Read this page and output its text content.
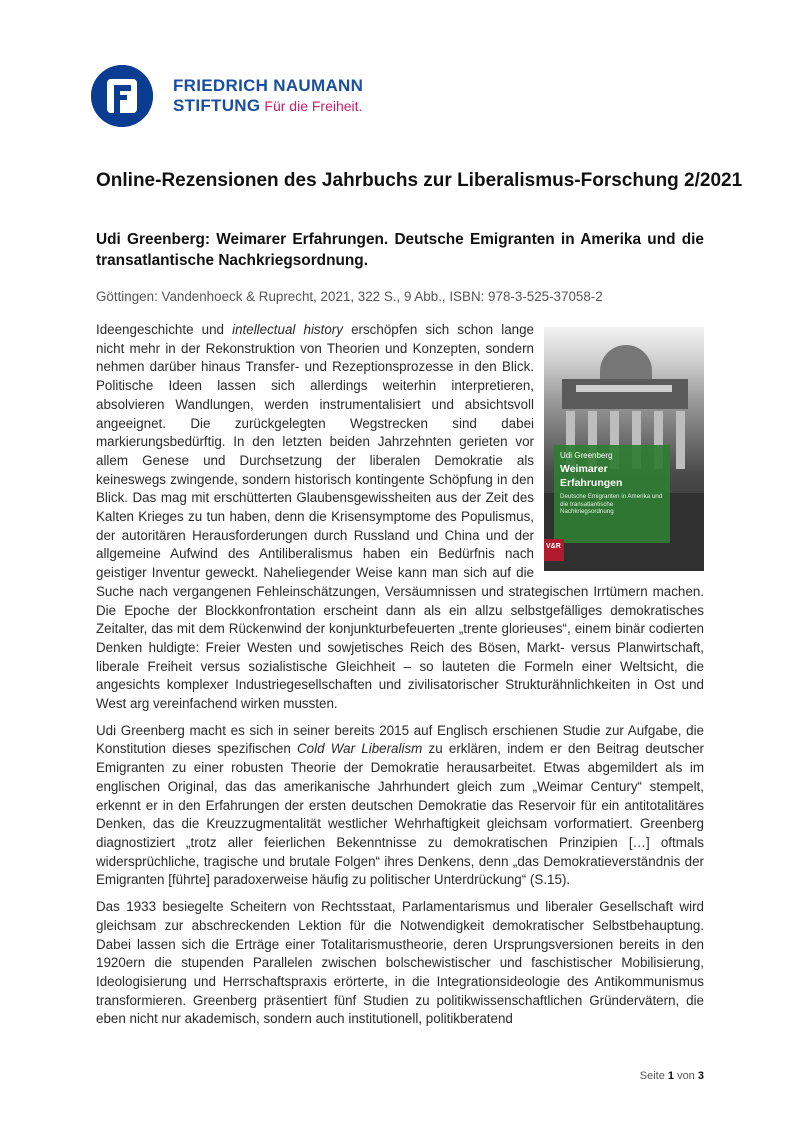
FRIEDRICH NAUMANN
STIFTUNG Für die Freiheit.
Online-Rezensionen des Jahrbuchs zur Liberalismus-Forschung 2/2021
Udi Greenberg: Weimarer Erfahrungen. Deutsche Emigranten in Amerika und die transatlantische Nachkriegsordnung.

Göttingen: Vandenhoeck & Ruprecht, 2021, 322 S., 9 Abb., ISBN: 978-3-525-37058-2

Udi Greenberg
Weimarer
Erfahrungen
Deutsche Emigranten in Amerika und die transatlantische Nachkriegsordnung
V&R

Ideengeschichte und intellectual history erschöpfen sich schon lange nicht mehr in der Rekonstruktion von Theorien und Konzepten, sondern nehmen darüber hinaus Transfer- und Rezeptionsprozesse in den Blick. Politische Ideen lassen sich allerdings weiterhin interpretieren, absolvieren Wandlungen, werden instrumentalisiert und absichtsvoll angeeignet. Die zurückgelegten Wegstrecken sind dabei markierungsbedürftig. In den letzten beiden Jahrzehnten gerieten vor allem Genese und Durchsetzung der liberalen Demokratie als keineswegs zwingende, sondern historisch kontingente Schöpfung in den Blick. Das mag mit erschütterten Glaubensgewissheiten aus der Zeit des Kalten Krieges zu tun haben, denn die Krisensymptome des Populismus, der autoritären Herausforderungen durch Russland und China und der allgemeine Aufwind des Antiliberalismus haben ein Bedürfnis nach geistiger Inventur geweckt. Naheliegender Weise kann man sich auf die Suche nach vergangenen Fehleinschätzungen, Versäumnissen und strategischen Irrtümern machen. Die Epoche der Blockkonfrontation erscheint dann als ein allzu selbstgefälliges demokratisches Zeitalter, das mit dem Rückenwind der konjunkturbefeuerten „trente glorieuses“, einem binär codierten Denken huldigte: Freier Westen und sowjetisches Reich des Bösen, Markt- versus Planwirtschaft, liberale Freiheit versus sozialistische Gleichheit – so lauteten die Formeln einer Weltsicht, die angesichts komplexer Industriegesellschaften und zivilisatorischer Strukturähnlichkeiten in Ost und West arg vereinfachend wirken mussten.

Udi Greenberg macht es sich in seiner bereits 2015 auf Englisch erschienen Studie zur Aufgabe, die Konstitution dieses spezifischen Cold War Liberalism zu erklären, indem er den Beitrag deutscher Emigranten zu einer robusten Theorie der Demokratie herausarbeitet. Etwas abgemildert als im englischen Original, das das amerikanische Jahrhundert gleich zum „Weimar Century“ stempelt, erkennt er in den Erfahrungen der ersten deutschen Demokratie das Reservoir für ein antitotalitäres Denken, das die Kreuzzugmentalität westlicher Wehrhaftigkeit gleichsam vorformatiert. Greenberg diagnostiziert „trotz aller feierlichen Bekenntnisse zu demokratischen Prinzipien […] oftmals widersprüchliche, tragische und brutale Folgen“ ihres Denkens, denn „das Demokratieverständnis der Emigranten [führte] paradoxerweise häufig zu politischer Unterdrückung“ (S.15).

Das 1933 besiegelte Scheitern von Rechtsstaat, Parlamentarismus und liberaler Gesellschaft wird gleichsam zur abschreckenden Lektion für die Notwendigkeit demokratischer Selbstbehauptung. Dabei lassen sich die Erträge einer Totalitarismustheorie, deren Ursprungsversionen bereits in den 1920ern die stupenden Parallelen zwischen bolschewistischer und faschistischer Mobilisierung, Ideologisierung und Herrschaftspraxis erörterte, in die Integrationsideologie des Antikommunismus transformieren. Greenberg präsentiert fünf Studien zu politikwissenschaftlichen Gründervätern, die eben nicht nur akademisch, sondern auch institutionell, politikberatend

Seite 1 von 3
